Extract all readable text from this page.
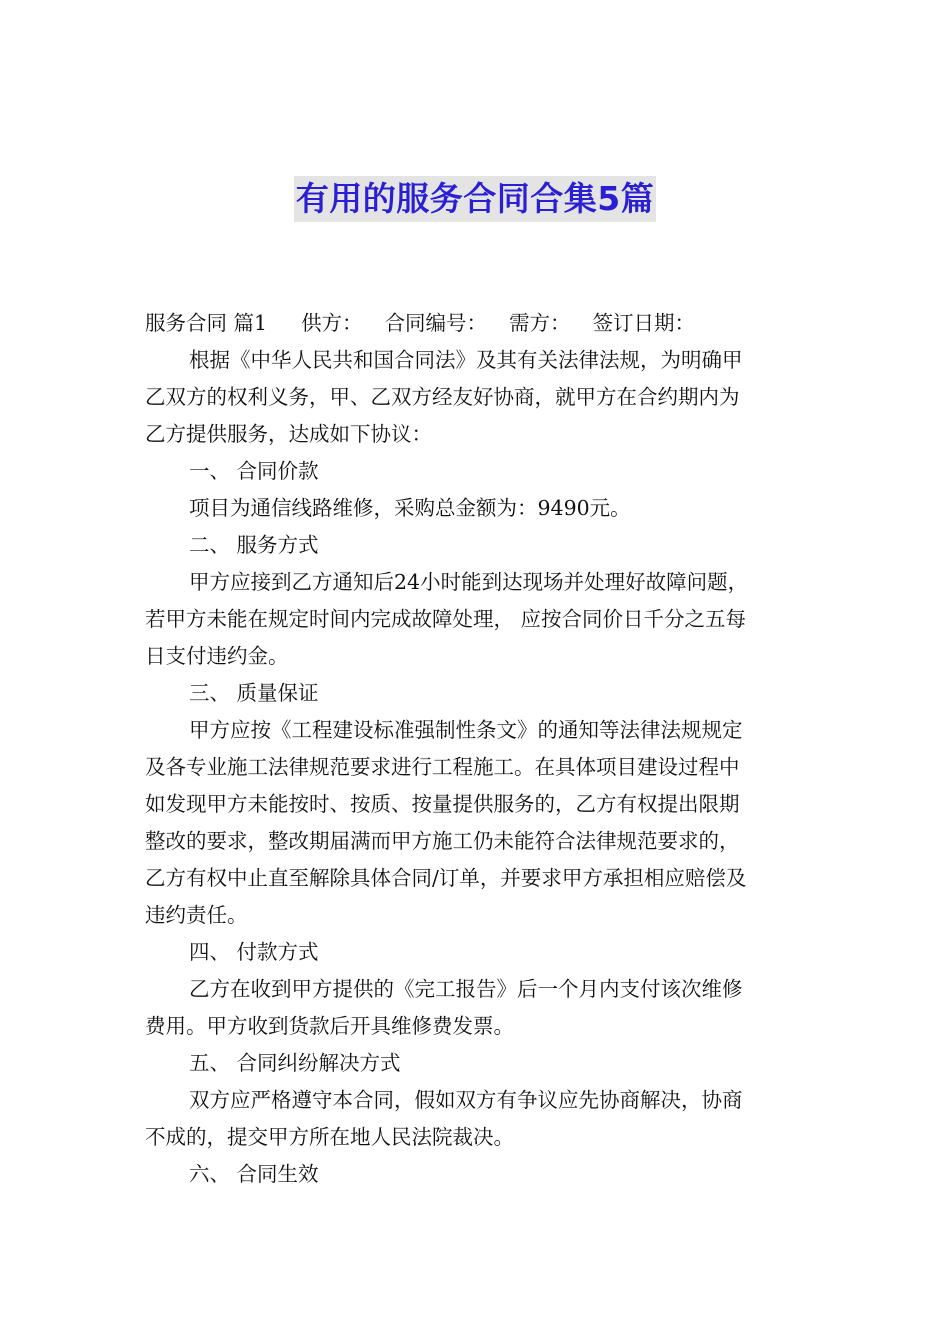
有用的服务合同合集5篇
服务合同 篇1 供方： 合同编号： 需方： 签订日期：
根据《中华人民共和国合同法》及其有关法律法规，为明确甲
乙双方的权利义务，甲、乙双方经友好协商，就甲方在合约期内为
乙方提供服务，达成如下协议：
一、 合同价款
项目为通信线路维修，采购总金额为：9490元。
二、 服务方式
甲方应接到乙方通知后24小时能到达现场并处理好故障问题，
若甲方未能在规定时间内完成故障处理， 应按合同价日千分之五每
日支付违约金。
三、 质量保证
甲方应按《工程建设标准强制性条文》的通知等法律法规规定
及各专业施工法律规范要求进行工程施工。在具体项目建设过程中
如发现甲方未能按时、按质、按量提供服务的，乙方有权提出限期
整改的要求，整改期届满而甲方施工仍未能符合法律规范要求的，
乙方有权中止直至解除具体合同/订单，并要求甲方承担相应赔偿及
违约责任。
四、 付款方式
乙方在收到甲方提供的《完工报告》后一个月内支付该次维修
费用。甲方收到货款后开具维修费发票。
五、 合同纠纷解决方式
双方应严格遵守本合同，假如双方有争议应先协商解决，协商
不成的，提交甲方所在地人民法院裁决。
六、 合同生效
